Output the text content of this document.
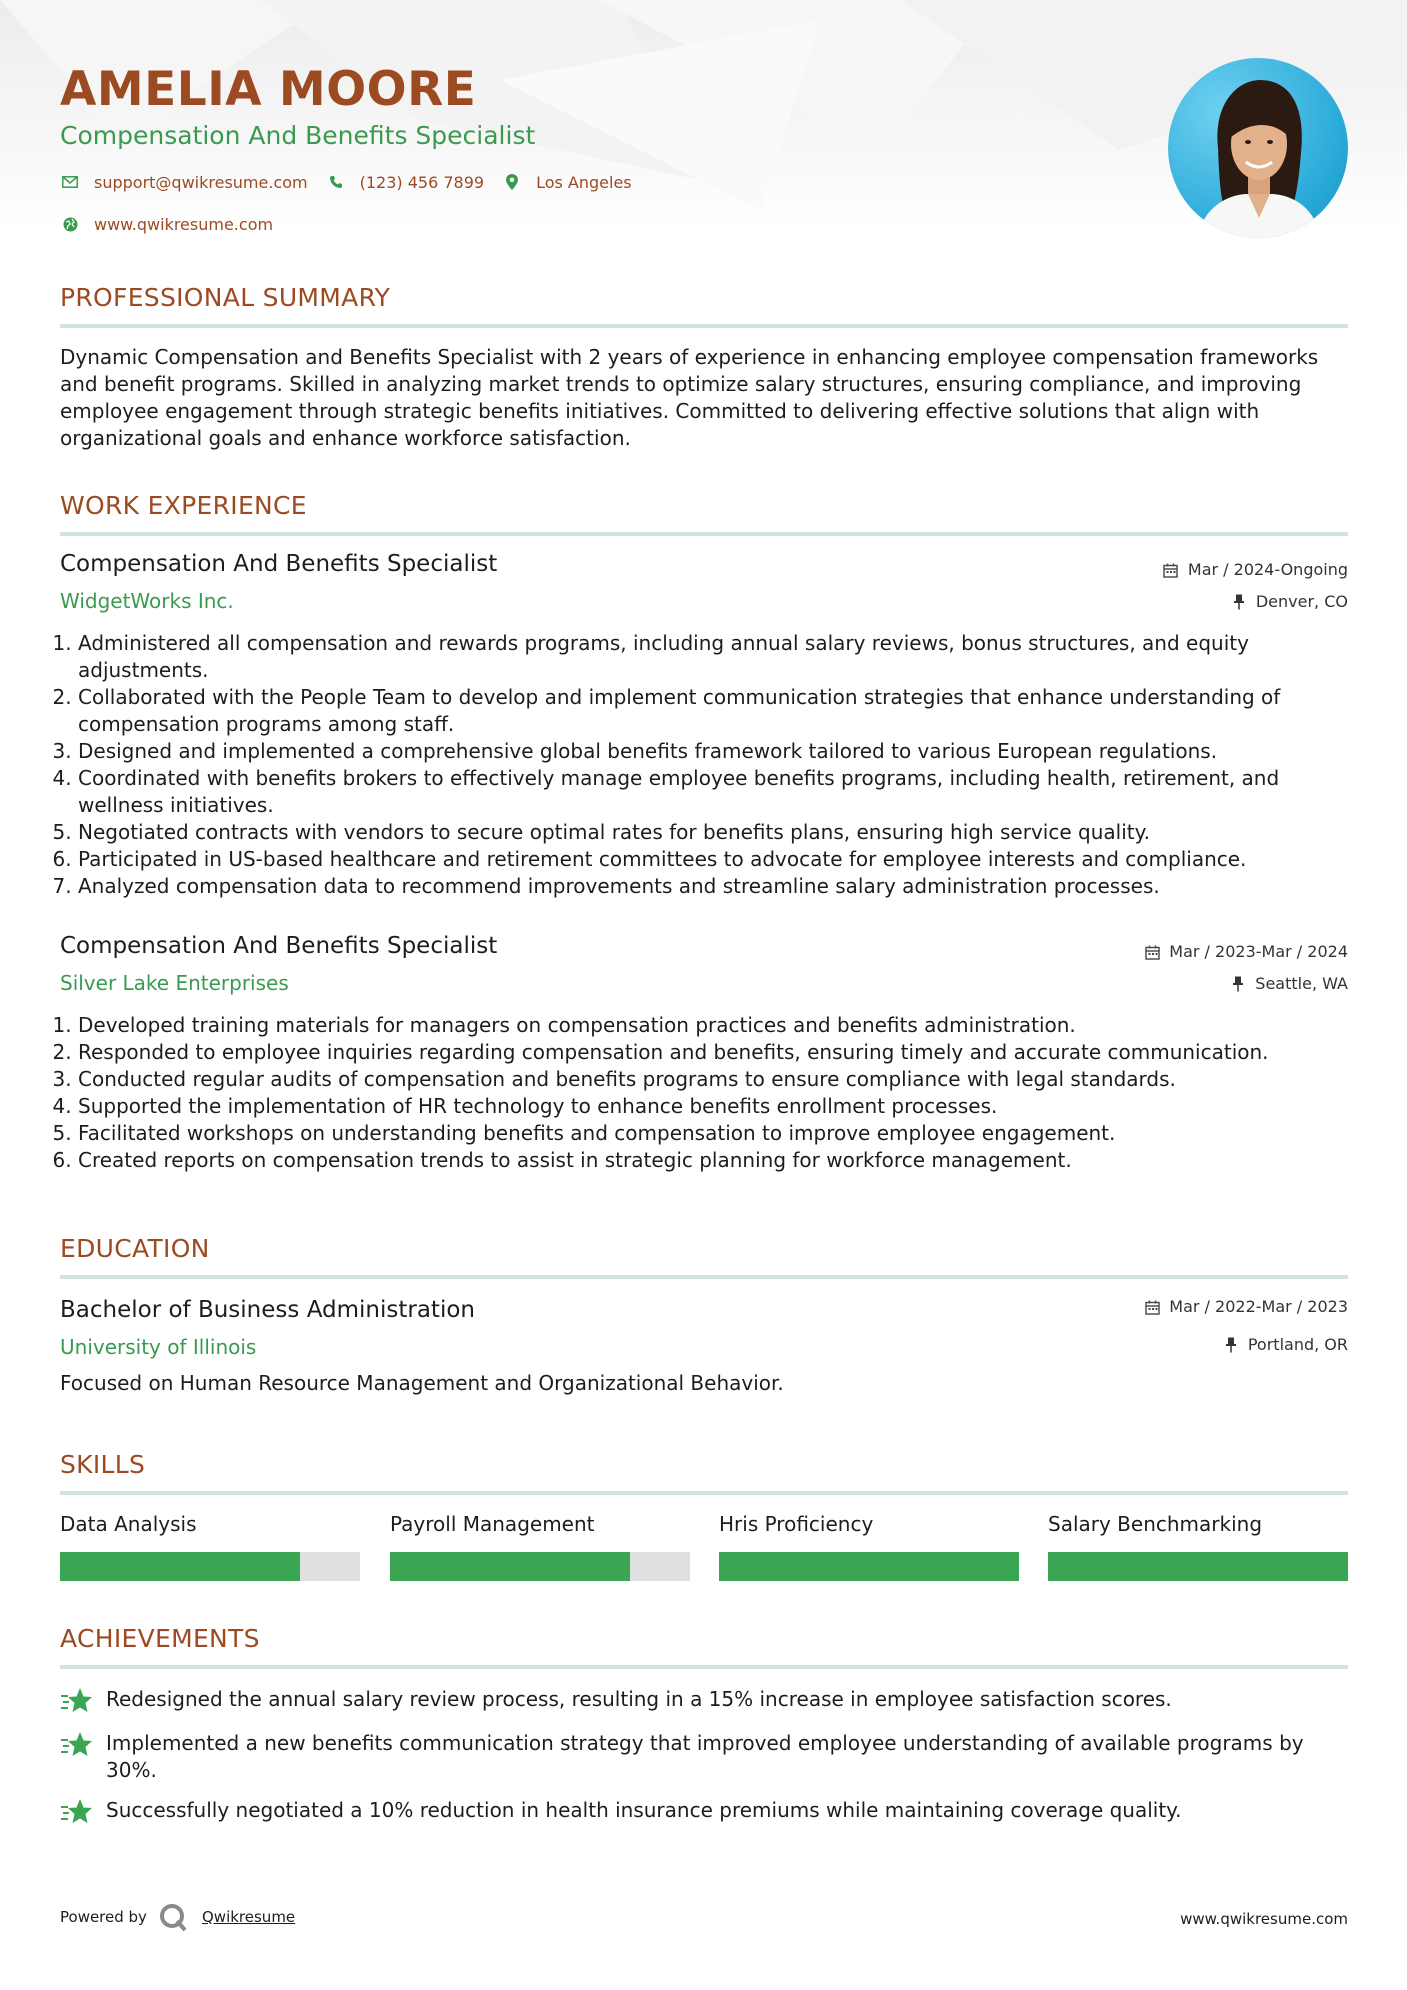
AMELIA MOORE
Compensation And Benefits Specialist
support@qwikresume.com	(123) 456 7899	Los Angeles
www.qwikresume.com
PROFESSIONAL SUMMARY
Dynamic Compensation and Benefits Specialist with 2 years of experience in enhancing employee compensation frameworks and benefit programs. Skilled in analyzing market trends to optimize salary structures, ensuring compliance, and improving employee engagement through strategic benefits initiatives. Committed to delivering effective solutions that align with organizational goals and enhance workforce satisfaction.
WORK EXPERIENCE
Compensation And Benefits Specialist	Mar / 2024-Ongoing
WidgetWorks Inc.	Denver, CO
1. Administered all compensation and rewards programs, including annual salary reviews, bonus structures, and equity adjustments.
2. Collaborated with the People Team to develop and implement communication strategies that enhance understanding of compensation programs among staff.
3. Designed and implemented a comprehensive global benefits framework tailored to various European regulations.
4. Coordinated with benefits brokers to effectively manage employee benefits programs, including health, retirement, and wellness initiatives.
5. Negotiated contracts with vendors to secure optimal rates for benefits plans, ensuring high service quality.
6. Participated in US-based healthcare and retirement committees to advocate for employee interests and compliance.
7. Analyzed compensation data to recommend improvements and streamline salary administration processes.
Compensation And Benefits Specialist	Mar / 2023-Mar / 2024
Silver Lake Enterprises	Seattle, WA
1. Developed training materials for managers on compensation practices and benefits administration.
2. Responded to employee inquiries regarding compensation and benefits, ensuring timely and accurate communication.
3. Conducted regular audits of compensation and benefits programs to ensure compliance with legal standards.
4. Supported the implementation of HR technology to enhance benefits enrollment processes.
5. Facilitated workshops on understanding benefits and compensation to improve employee engagement.
6. Created reports on compensation trends to assist in strategic planning for workforce management.
EDUCATION
Bachelor of Business Administration	Mar / 2022-Mar / 2023
University of Illinois	Portland, OR
Focused on Human Resource Management and Organizational Behavior.
SKILLS
Data Analysis	Payroll Management	Hris Proficiency	Salary Benchmarking
ACHIEVEMENTS
Redesigned the annual salary review process, resulting in a 15% increase in employee satisfaction scores.
Implemented a new benefits communication strategy that improved employee understanding of available programs by 30%.
Successfully negotiated a 10% reduction in health insurance premiums while maintaining coverage quality.
Powered by	Qwikresume	www.qwikresume.com
